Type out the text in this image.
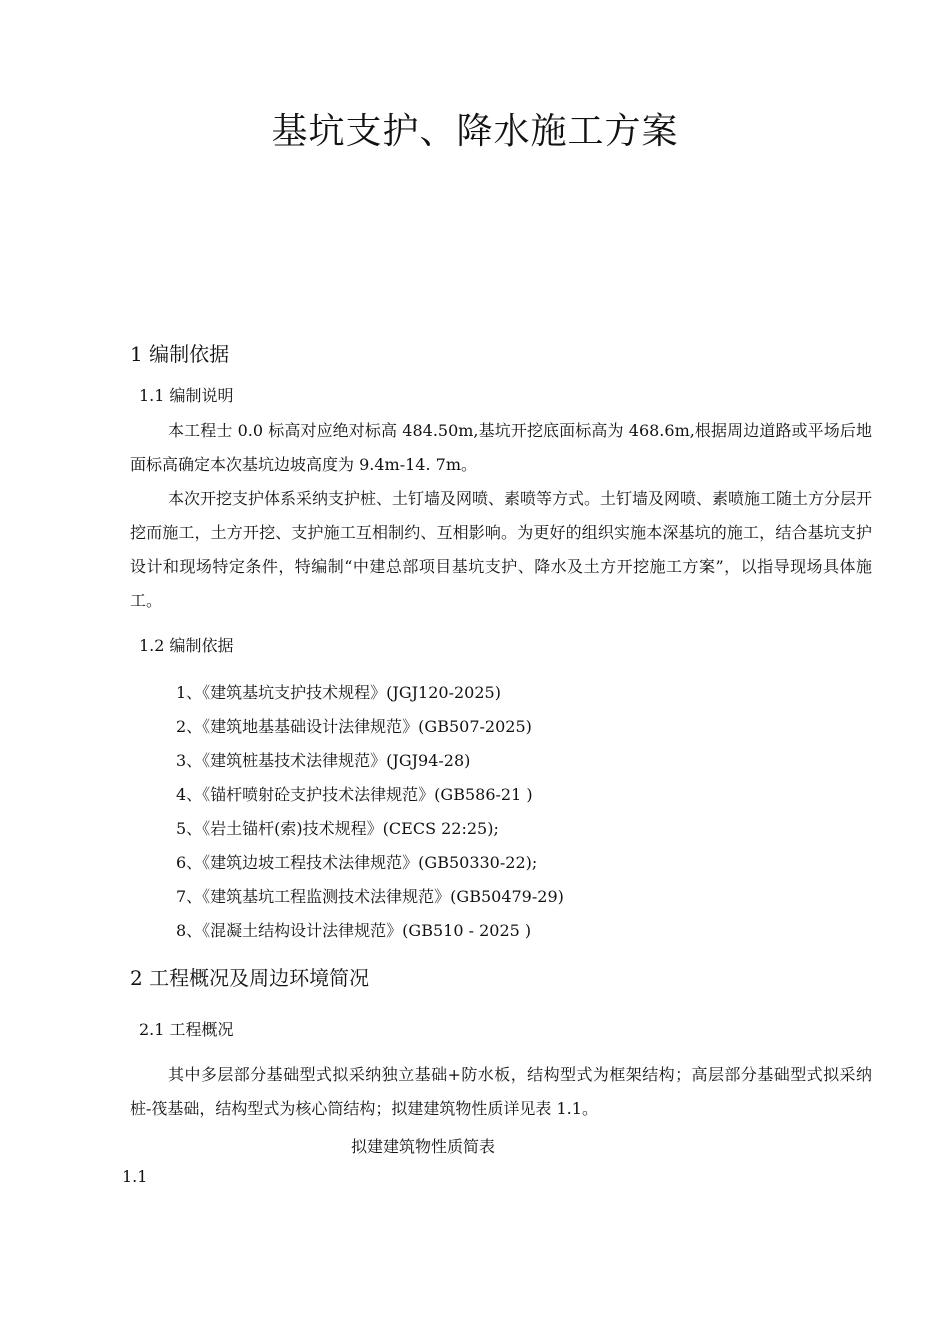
基坑支护、降水施工方案
1 编制依据
1.1 编制说明

本工程士 0.0 标高对应绝对标高 484.50m,基坑开挖底面标高为 468.6m,根据周边道路或平场后地面标高确定本次基坑边坡高度为 9.4m-14. 7m。

本次开挖支护体系采纳支护桩、土钉墙及网喷、素喷等方式。土钉墙及网喷、素喷施工随土方分层开挖而施工，土方开挖、支护施工互相制约、互相影响。为更好的组织实施本深基坑的施工，结合基坑支护设计和现场特定条件，特编制“中建总部项目基坑支护、降水及土方开挖施工方案”，以指导现场具体施工。

1.2 编制依据
1、《建筑基坑支护技术规程》(JGJ120-2025)
2、《建筑地基基础设计法律规范》(GB507-2025)
3、《建筑桩基技术法律规范》(JGJ94-28)
4、《锚杆喷射砼支护技术法律规范》(GB586-21 )
5、《岩土锚杆(索)技术规程》(CECS 22:25);
6、《建筑边坡工程技术法律规范》(GB50330-22);
7、《建筑基坑工程监测技术法律规范》(GB50479-29)
8、《混凝土结构设计法律规范》(GB510 - 2025 )
2 工程概况及周边环境简况
2.1 工程概况

其中多层部分基础型式拟采纳独立基础+防水板，结构型式为框架结构；高层部分基础型式拟采纳桩-筏基础，结构型式为核心筒结构；拟建建筑物性质详见表 1.1。

拟建建筑物性质简表
1.1
